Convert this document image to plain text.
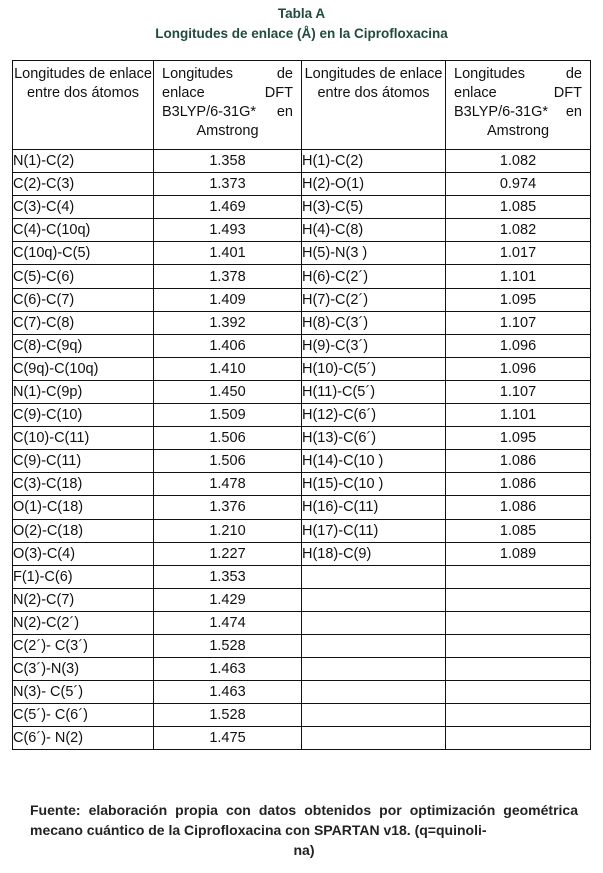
Tabla A
Longitudes de enlace (Å) en la Ciprofloxacina
Longitudes de enlace entre dos átomos	Longitudes de enlace DFT B3LYP/6-31G* en Amstrong	Longitudes de enlace entre dos átomos	Longitudes de enlace DFT B3LYP/6-31G* en Amstrong
N(1)-C(2)	1.358	H(1)-C(2)	1.082
C(2)-C(3)	1.373	H(2)-O(1)	0.974
C(3)-C(4)	1.469	H(3)-C(5)	1.085
C(4)-C(10q)	1.493	H(4)-C(8)	1.082
C(10q)-C(5)	1.401	H(5)-N(3 )	1.017
C(5)-C(6)	1.378	H(6)-C(2´)	1.101
C(6)-C(7)	1.409	H(7)-C(2´)	1.095
C(7)-C(8)	1.392	H(8)-C(3´)	1.107
C(8)-C(9q)	1.406	H(9)-C(3´)	1.096
C(9q)-C(10q)	1.410	H(10)-C(5´)	1.096
N(1)-C(9p)	1.450	H(11)-C(5´)	1.107
C(9)-C(10)	1.509	H(12)-C(6´)	1.101
C(10)-C(11)	1.506	H(13)-C(6´)	1.095
C(9)-C(11)	1.506	H(14)-C(10 )	1.086
C(3)-C(18)	1.478	H(15)-C(10 )	1.086
O(1)-C(18)	1.376	H(16)-C(11)	1.086
O(2)-C(18)	1.210	H(17)-C(11)	1.085
O(3)-C(4)	1.227	H(18)-C(9)	1.089
F(1)-C(6)	1.353		
N(2)-C(7)	1.429		
N(2)-C(2´)	1.474		
C(2´)- C(3´)	1.528		
C(3´)-N(3)	1.463		
N(3)- C(5´)	1.463		
C(5´)- C(6´)	1.528		
C(6´)- N(2)	1.475		
Fuente: elaboración propia con datos obtenidos por optimización geométrica mecano cuántico de la Ciprofloxacina con SPARTAN v18. (q=quinoli-
na)
